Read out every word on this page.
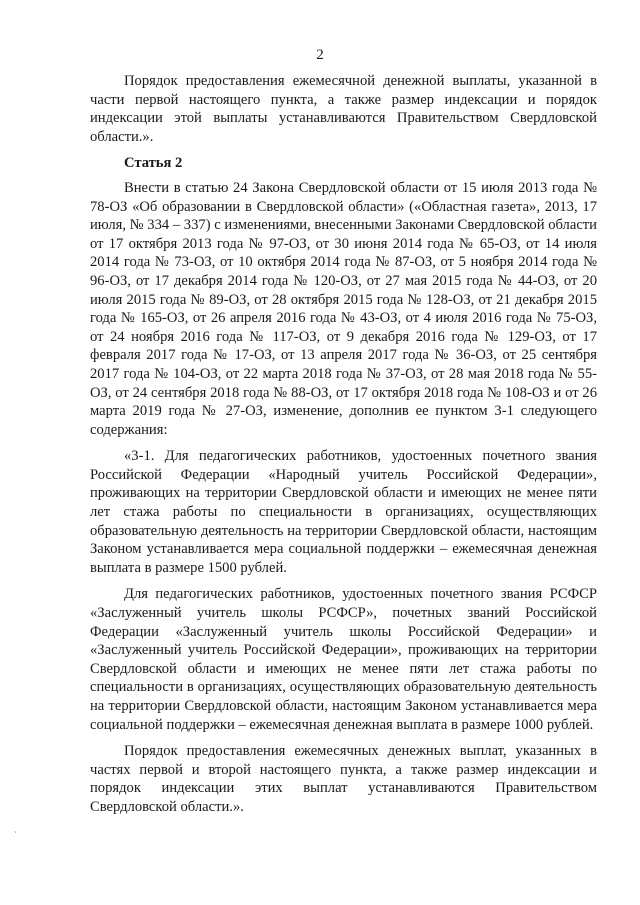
2

Порядок предоставления ежемесячной денежной выплаты, указанной в части первой настоящего пункта, а также размер индексации и порядок индексации этой выплаты устанавливаются Правительством Свердловской области.».

Статья 2

Внести в статью 24 Закона Свердловской области от 15 июля 2013 года № 78-ОЗ «Об образовании в Свердловской области» («Областная газета», 2013, 17 июля, № 334 – 337) с изменениями, внесенными Законами Свердловской области от 17 октября 2013 года № 97-ОЗ, от 30 июня 2014 года № 65-ОЗ, от 14 июля 2014 года № 73-ОЗ, от 10 октября 2014 года № 87-ОЗ, от 5 ноября 2014 года № 96-ОЗ, от 17 декабря 2014 года № 120-ОЗ, от 27 мая 2015 года № 44-ОЗ, от 20 июля 2015 года № 89-ОЗ, от 28 октября 2015 года № 128-ОЗ, от 21 декабря 2015 года № 165-ОЗ, от 26 апреля 2016 года № 43-ОЗ, от 4 июля 2016 года № 75-ОЗ, от 24 ноября 2016 года № 117-ОЗ, от 9 декабря 2016 года № 129-ОЗ, от 17 февраля 2017 года № 17-ОЗ, от 13 апреля 2017 года № 36-ОЗ, от 25 сентября 2017 года № 104-ОЗ, от 22 марта 2018 года № 37-ОЗ, от 28 мая 2018 года № 55-ОЗ, от 24 сентября 2018 года № 88-ОЗ, от 17 октября 2018 года № 108-ОЗ и от 26 марта 2019 года № 27-ОЗ, изменение, дополнив ее пунктом 3-1 следующего содержания:

«3-1. Для педагогических работников, удостоенных почетного звания Российской Федерации «Народный учитель Российской Федерации», проживающих на территории Свердловской области и имеющих не менее пяти лет стажа работы по специальности в организациях, осуществляющих образовательную деятельность на территории Свердловской области, настоящим Законом устанавливается мера социальной поддержки – ежемесячная денежная выплата в размере 1500 рублей.

Для педагогических работников, удостоенных почетного звания РСФСР «Заслуженный учитель школы РСФСР», почетных званий Российской Федерации «Заслуженный учитель школы Российской Федерации» и «Заслуженный учитель Российской Федерации», проживающих на территории Свердловской области и имеющих не менее пяти лет стажа работы по специальности в организациях, осуществляющих образовательную деятельность на территории Свердловской области, настоящим Законом устанавливается мера социальной поддержки – ежемесячная денежная выплата в размере 1000 рублей.

Порядок предоставления ежемесячных денежных выплат, указанных в частях первой и второй настоящего пункта, а также размер индексации и порядок индексации этих выплат устанавливаются Правительством Свердловской области.».

`
